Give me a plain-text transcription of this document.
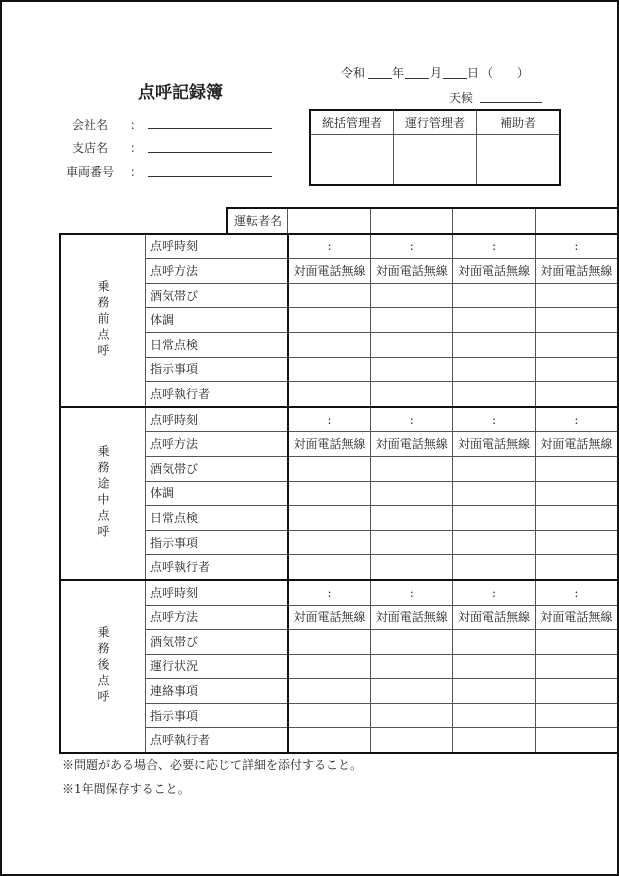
点呼記録簿
令和 年 月 日 （　　）
天候
会社名 ：
支店名 ：
車両番号 ：
統括管理者	運行管理者	補助者

		運転者名				
乗務前点呼	点呼時刻		:	:	:	:
	点呼方法		対面電話無線	対面電話無線	対面電話無線	対面電話無線
	酒気帯び					
	体調					
	日常点検					
	指示事項					
	点呼執行者					
乗務途中点呼	点呼時刻		:	:	:	:
	点呼方法		対面電話無線	対面電話無線	対面電話無線	対面電話無線
	酒気帯び					
	体調					
	日常点検					
	指示事項					
	点呼執行者					
乗務後点呼	点呼時刻		:	:	:	:
	点呼方法		対面電話無線	対面電話無線	対面電話無線	対面電話無線
	酒気帯び					
	運行状況					
	連絡事項					
	指示事項					
	点呼執行者					
※問題がある場合、必要に応じて詳細を添付すること。
※1年間保存すること。
